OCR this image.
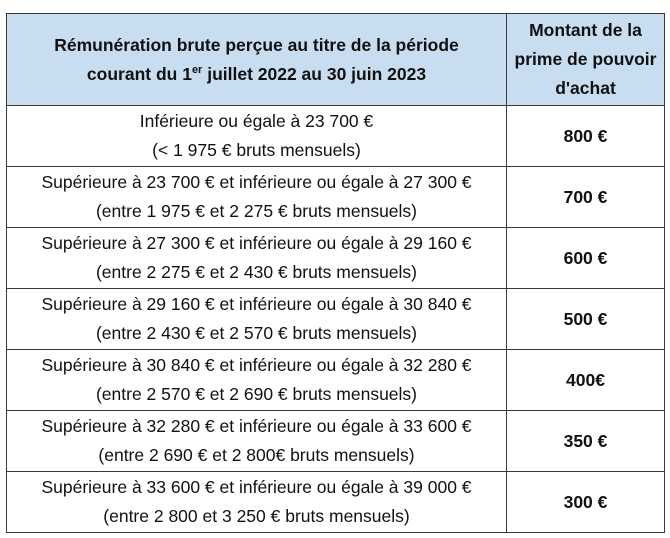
Rémunération brute perçue au titre de la période
courant du 1er juillet 2022 au 30 juin 2023	Montant de la
prime de pouvoir
d'achat

Inférieure ou égale à 23 700 €
(< 1 975 € bruts mensuels)	800 €

Supérieure à 23 700 € et inférieure ou égale à 27 300 €
(entre 1 975 € et 2 275 € bruts mensuels)	700 €

Supérieure à 27 300 € et inférieure ou égale à 29 160 €
(entre 2 275 € et 2 430 € bruts mensuels)	600 €

Supérieure à 29 160 € et inférieure ou égale à 30 840 €
(entre 2 430 € et 2 570 € bruts mensuels)	500 €

Supérieure à 30 840 € et inférieure ou égale à 32 280 €
(entre 2 570 € et 2 690 € bruts mensuels)	400€

Supérieure à 32 280 € et inférieure ou égale à 33 600 €
(entre 2 690 € et 2 800€ bruts mensuels)	350 €

Supérieure à 33 600 € et inférieure ou égale à 39 000 €
(entre 2 800 et 3 250 € bruts mensuels)	300 €
